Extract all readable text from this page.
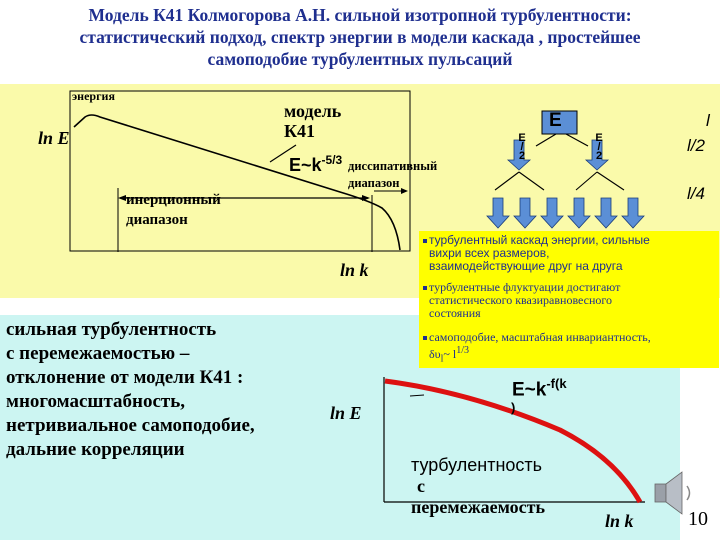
Модель К41 Колмогорова А.Н. сильной изотропной турбулентности:
статистический подход, спектр энергии в модели каскада , простейшее
самоподобие турбулентных пульсаций
энергия
ln E
ln k
модель
К41
$E\sim k^{-5/3}$
инерционный
диапазон
диссипативный
диапазон
E
E
/
2
E
/
2
l
l/2
l/4
турбулентный каскад энергии, сильные
вихри всех размеров,
взаимодействующие друг на друга
турбулентные флуктуации достигают
статистического квазиравновесного
состояния
самоподобие, масштабная инвариантность,
$\delta\upsilon_l\sim$ $l^{1/3}$
сильная турбулентность
с перемежаемостью –
отклонение от модели К41 :
многомасштабность,
нетривиальное самоподобие,
дальние корреляции
ln E
ln k
$E\sim k^{-f(k}$
)
турбулентность
с
перемежаемость
10
